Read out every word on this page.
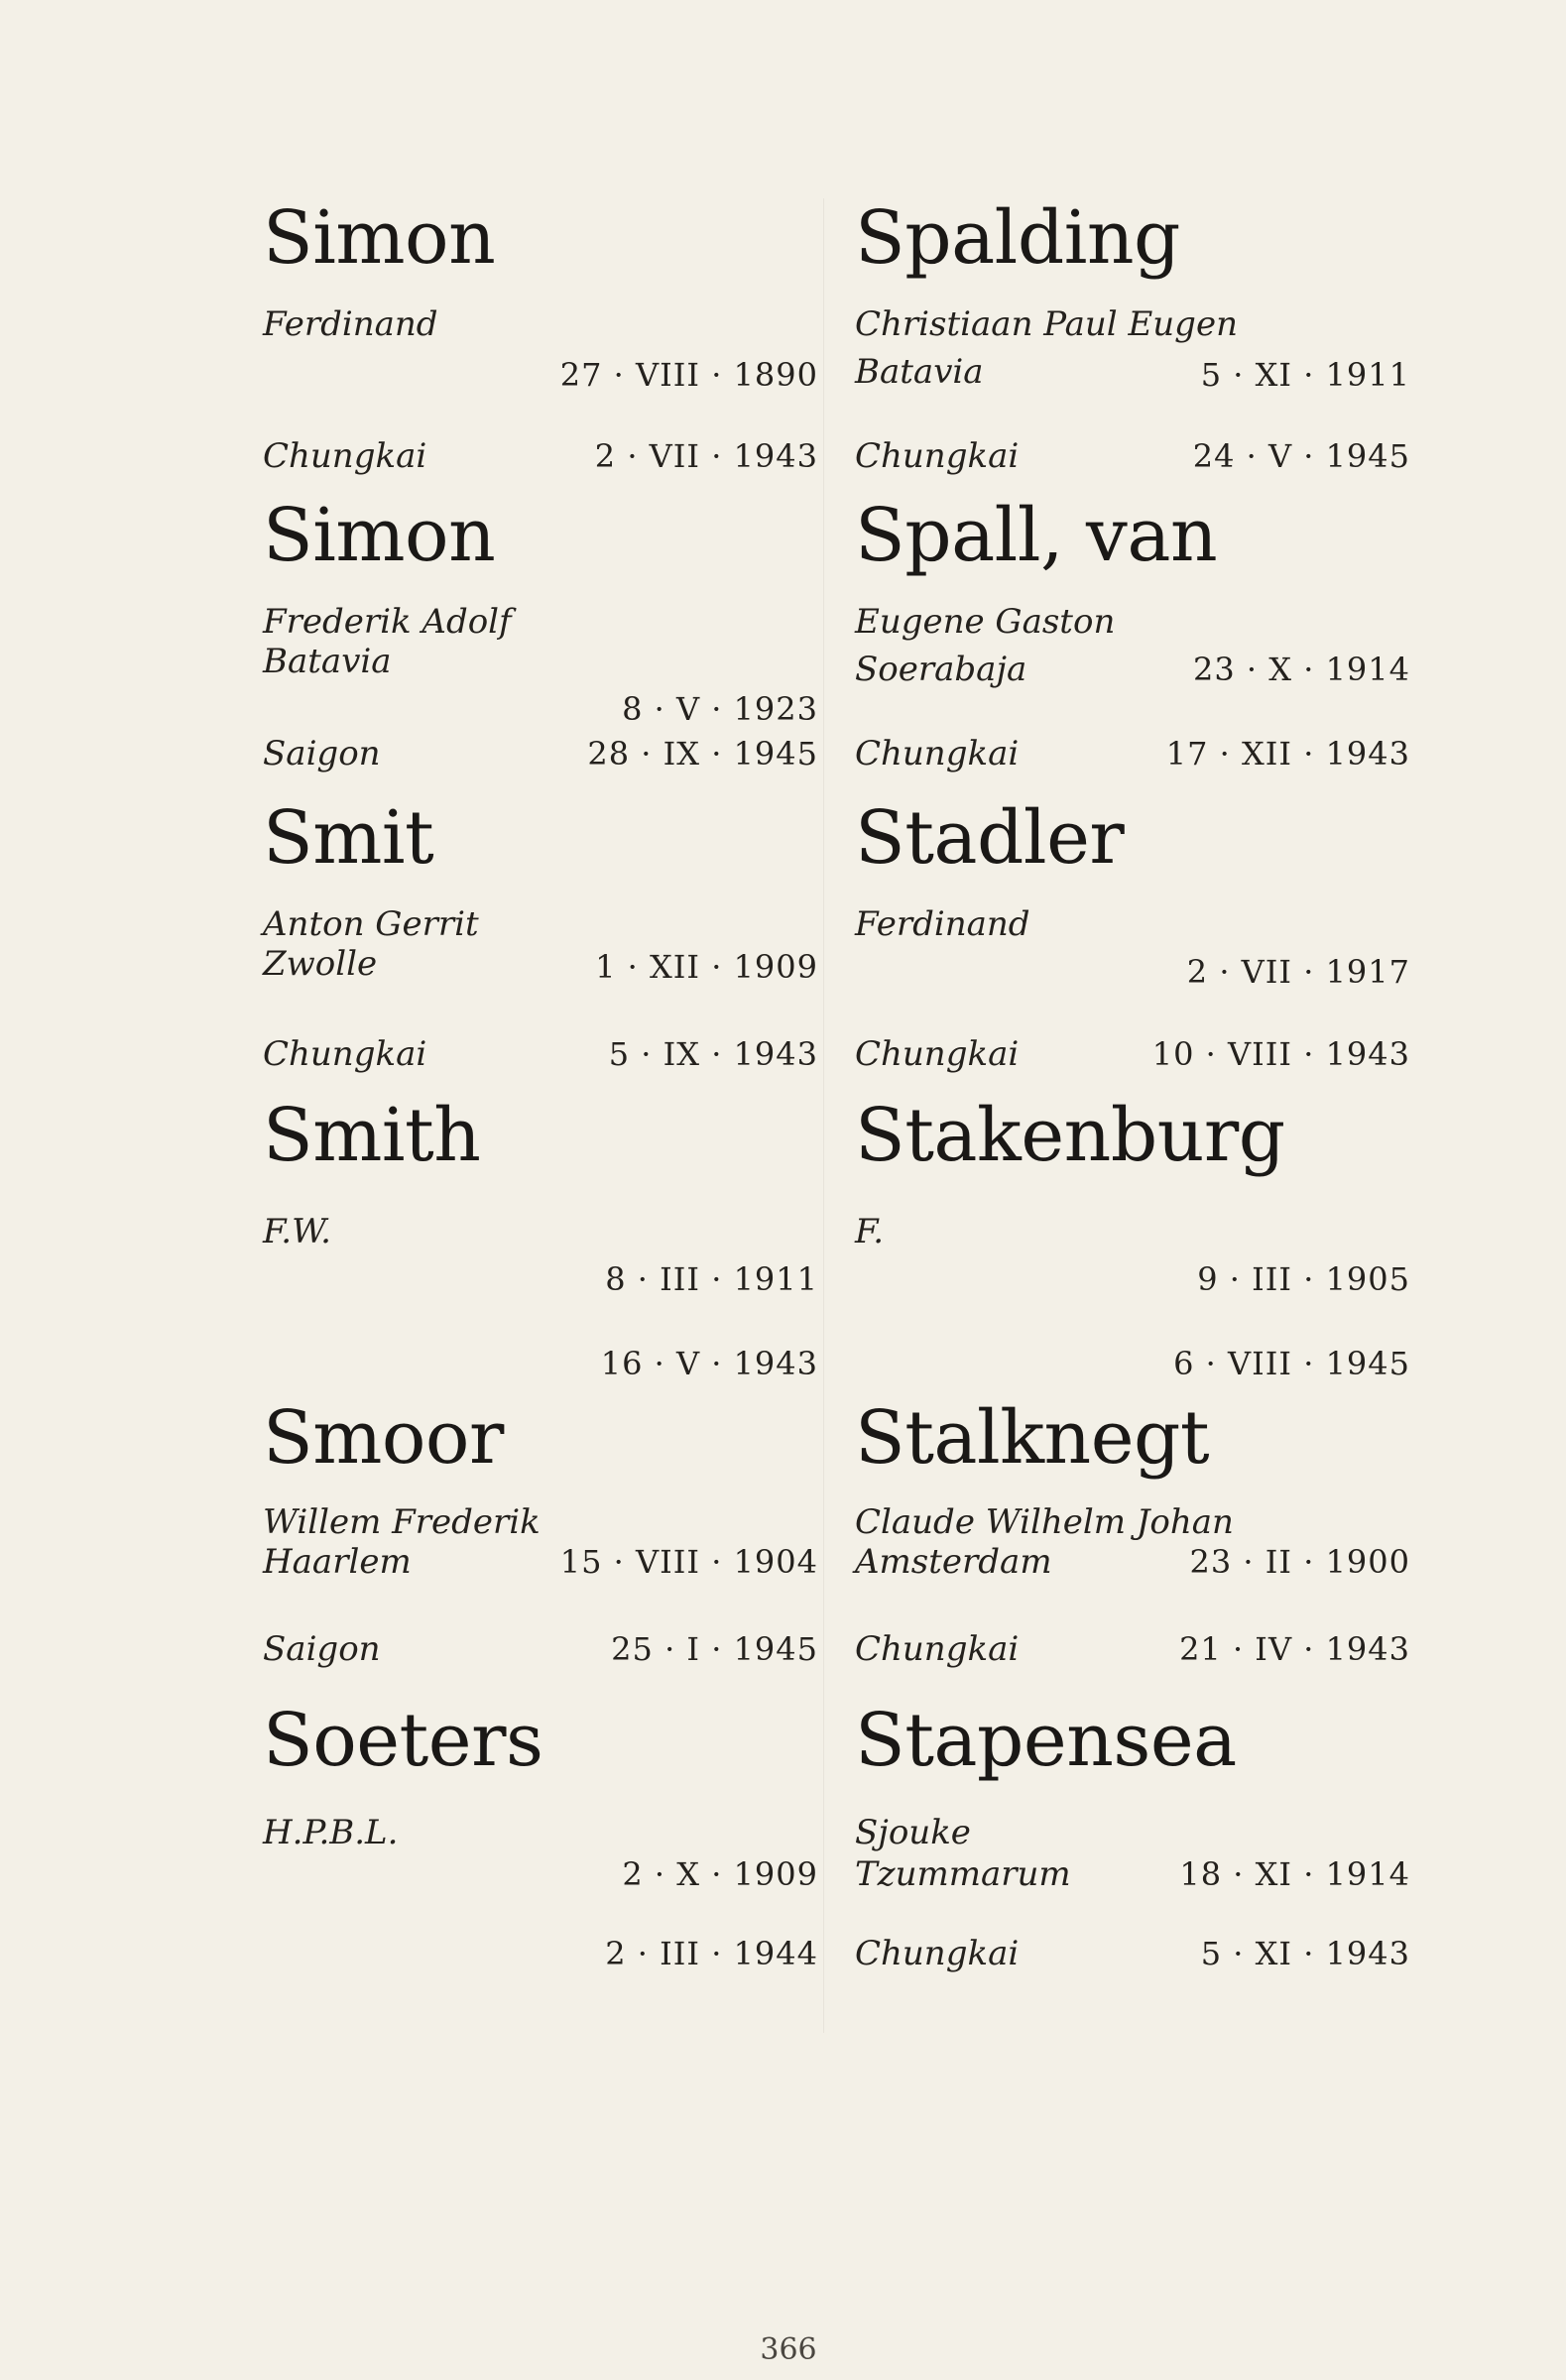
Simon
Ferdinand
27 · VIII · 1890
Chungkai	2 · VII · 1943
Simon
Frederik Adolf
Batavia
8 · V · 1923
Saigon	28 · IX · 1945
Smit
Anton Gerrit
Zwolle	1 · XII · 1909
Chungkai	5 · IX · 1943
Smith
F.W.
8 · III · 1911
16 · V · 1943
Smoor
Willem Frederik
Haarlem	15 · VIII · 1904
Saigon	25 · I · 1945
Soeters
H.P.B.L.
2 · X · 1909
2 · III · 1944
Spalding
Christiaan Paul Eugen
Batavia	5 · XI · 1911
Chungkai	24 · V · 1945
Spall, van
Eugene Gaston
Soerabaja	23 · X · 1914
Chungkai	17 · XII · 1943
Stadler
Ferdinand
2 · VII · 1917
Chungkai	10 · VIII · 1943
Stakenburg
F.
9 · III · 1905
6 · VIII · 1945
Stalknegt
Claude Wilhelm Johan
Amsterdam	23 · II · 1900
Chungkai	21 · IV · 1943
Stapensea
Sjouke
Tzummarum	18 · XI · 1914
Chungkai	5 · XI · 1943
366
